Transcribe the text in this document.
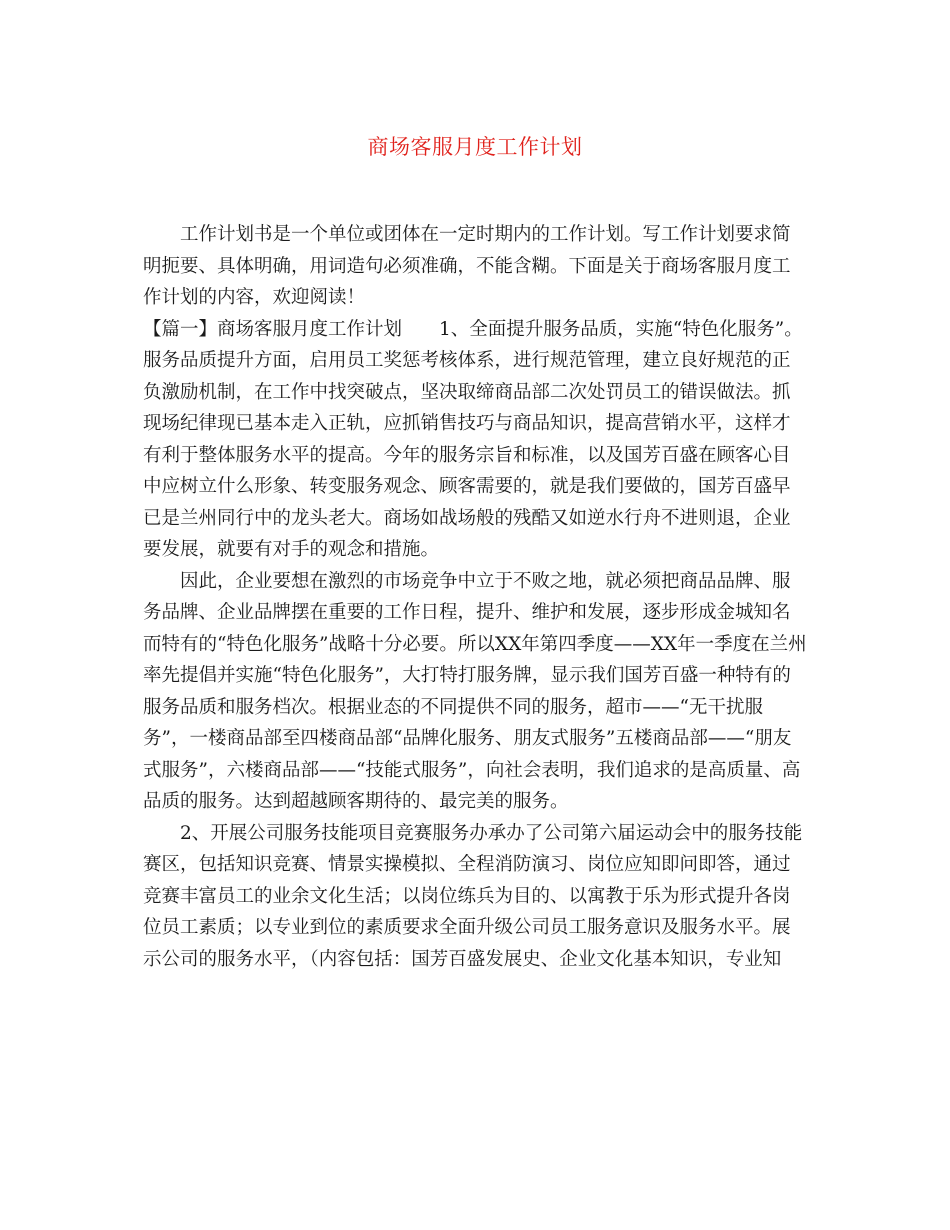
商场客服月度工作计划
　　工作计划书是一个单位或团体在一定时期内的工作计划。写工作计划要求简
明扼要、具体明确，用词造句必须准确，不能含糊。下面是关于商场客服月度工
作计划的内容，欢迎阅读！
【篇一】商场客服月度工作计划　　1、全面提升服务品质，实施“特色化服务”。
服务品质提升方面，启用员工奖惩考核体系，进行规范管理，建立良好规范的正
负激励机制，在工作中找突破点，坚决取缔商品部二次处罚员工的错误做法。抓
现场纪律现已基本走入正轨，应抓销售技巧与商品知识，提高营销水平，这样才
有利于整体服务水平的提高。今年的服务宗旨和标准，以及国芳百盛在顾客心目
中应树立什么形象、转变服务观念、顾客需要的，就是我们要做的，国芳百盛早
已是兰州同行中的龙头老大。商场如战场般的残酷又如逆水行舟不进则退，企业
要发展，就要有对手的观念和措施。
　　因此，企业要想在激烈的市场竞争中立于不败之地，就必须把商品品牌、服
务品牌、企业品牌摆在重要的工作日程，提升、维护和发展，逐步形成金城知名
而特有的“特色化服务”战略十分必要。所以XX年第四季度——XX年一季度在兰州
率先提倡并实施“特色化服务”，大打特打服务牌，显示我们国芳百盛一种特有的
服务品质和服务档次。根据业态的不同提供不同的服务，超市——“无干扰服
务”，一楼商品部至四楼商品部“品牌化服务、朋友式服务”五楼商品部——“朋友
式服务”，六楼商品部——“技能式服务”，向社会表明，我们追求的是高质量、高
品质的服务。达到超越顾客期待的、最完美的服务。
　　2、开展公司服务技能项目竞赛服务办承办了公司第六届运动会中的服务技能
赛区，包括知识竞赛、情景实操模拟、全程消防演习、岗位应知即问即答，通过
竞赛丰富员工的业余文化生活；以岗位练兵为目的、以寓教于乐为形式提升各岗
位员工素质；以专业到位的素质要求全面升级公司员工服务意识及服务水平。展
示公司的服务水平，（内容包括：国芳百盛发展史、企业文化基本知识，专业知
